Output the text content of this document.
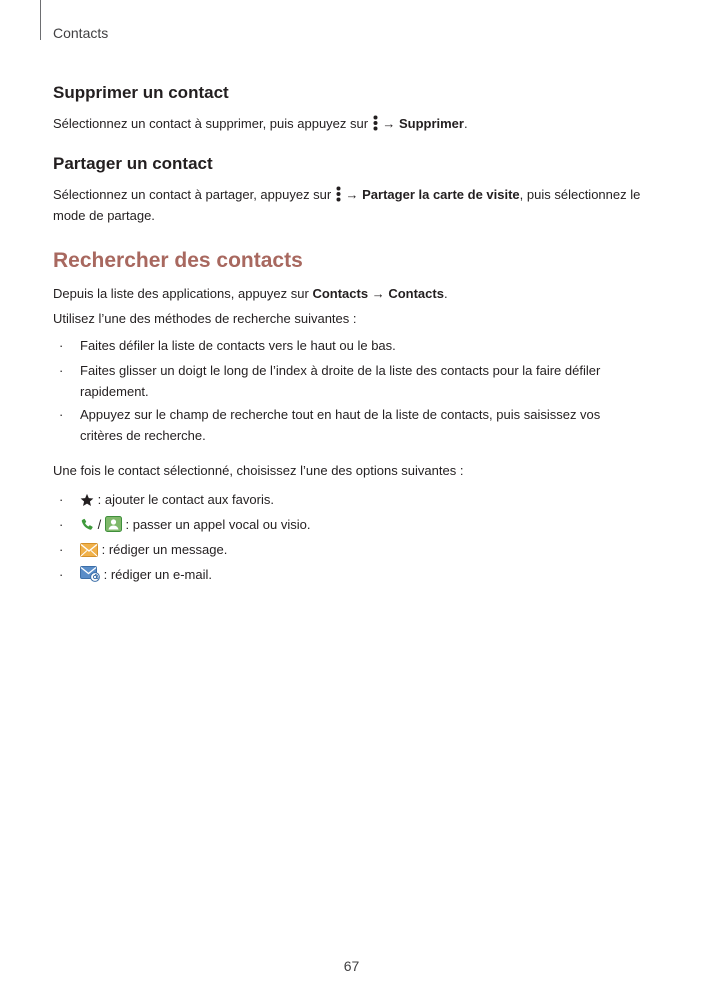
Contacts
Supprimer un contact

Sélectionnez un contact à supprimer, puis appuyez sur → Supprimer.

Partager un contact

Sélectionnez un contact à partager, appuyez sur → Partager la carte de visite, puis sélectionnez le mode de partage.

Rechercher des contacts

Depuis la liste des applications, appuyez sur Contacts → Contacts.

Utilisez l’une des méthodes de recherche suivantes :

· Faites défiler la liste de contacts vers le haut ou le bas.
· Faites glisser un doigt le long de l’index à droite de la liste des contacts pour la faire défiler rapidement.
· Appuyez sur le champ de recherche tout en haut de la liste de contacts, puis saisissez vos critères de recherche.

Une fois le contact sélectionné, choisissez l’une des options suivantes :

·	: ajouter le contact aux favoris.
·	/ : passer un appel vocal ou visio.
·	: rédiger un message.
·	: rédiger un e-mail.
67
